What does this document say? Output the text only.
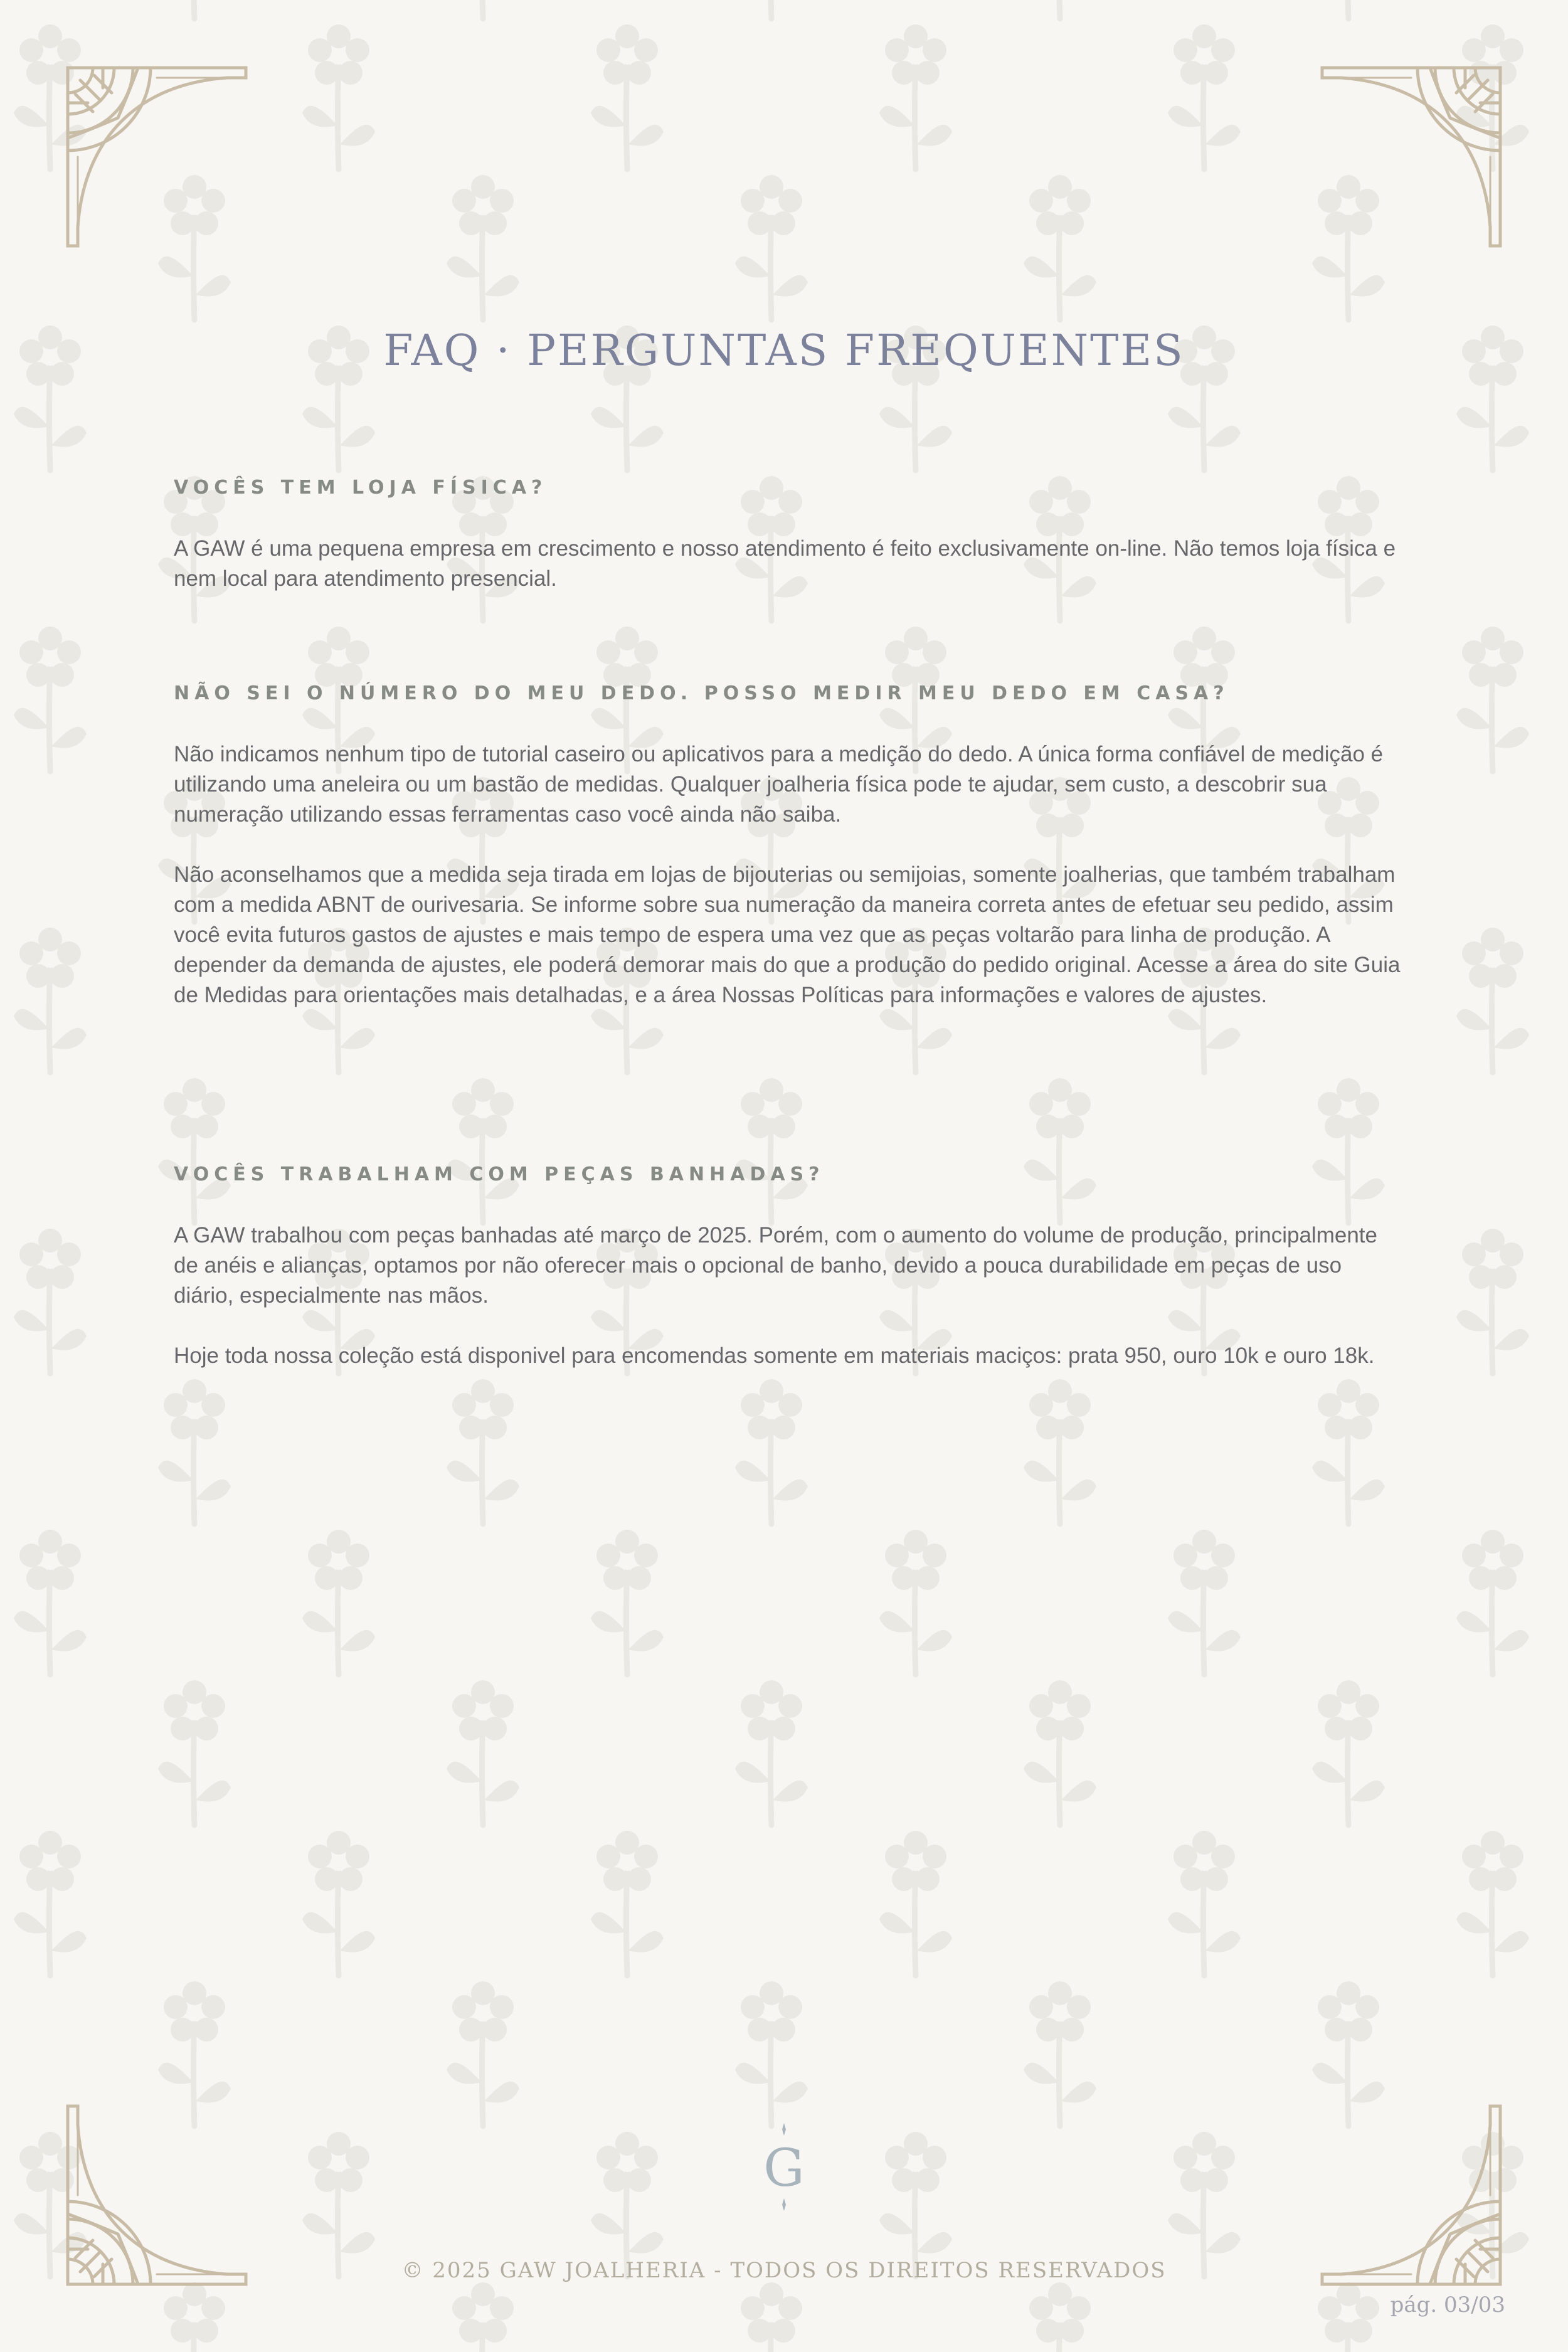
FAQ · PERGUNTAS FREQUENTES
VOCÊS TEM LOJA FÍSICA?

A GAW é uma pequena empresa em crescimento e nosso atendimento é feito exclusivamente on-line. Não temos loja física e nem local para atendimento presencial.

NÃO SEI O NÚMERO DO MEU DEDO. POSSO MEDIR MEU DEDO EM CASA?

Não indicamos nenhum tipo de tutorial caseiro ou aplicativos para a medição do dedo. A única forma confiável de medição é utilizando uma aneleira ou um bastão de medidas. Qualquer joalheria física pode te ajudar, sem custo, a descobrir sua numeração utilizando essas ferramentas caso você ainda não saiba.

Não aconselhamos que a medida seja tirada em lojas de bijouterias ou semijoias, somente joalherias, que também trabalham com a medida ABNT de ourivesaria. Se informe sobre sua numeração da maneira correta antes de efetuar seu pedido, assim você evita futuros gastos de ajustes e mais tempo de espera uma vez que as peças voltarão para linha de produção. A depender da demanda de ajustes, ele poderá demorar mais do que a produção do pedido original. Acesse a área do site Guia de Medidas para orientações mais detalhadas, e a área Nossas Políticas para informações e valores de ajustes.

VOCÊS TRABALHAM COM PEÇAS BANHADAS?

A GAW trabalhou com peças banhadas até março de 2025. Porém, com o aumento do volume de produção, principalmente de anéis e alianças, optamos por não oferecer mais o opcional de banho, devido a pouca durabilidade em peças de uso diário, especialmente nas mãos.

Hoje toda nossa coleção está disponivel para encomendas somente em materiais maciços: prata 950, ouro 10k e ouro 18k.

G

© 2025 GAW JOALHERIA - TODOS OS DIREITOS RESERVADOS

pág. 03/03
